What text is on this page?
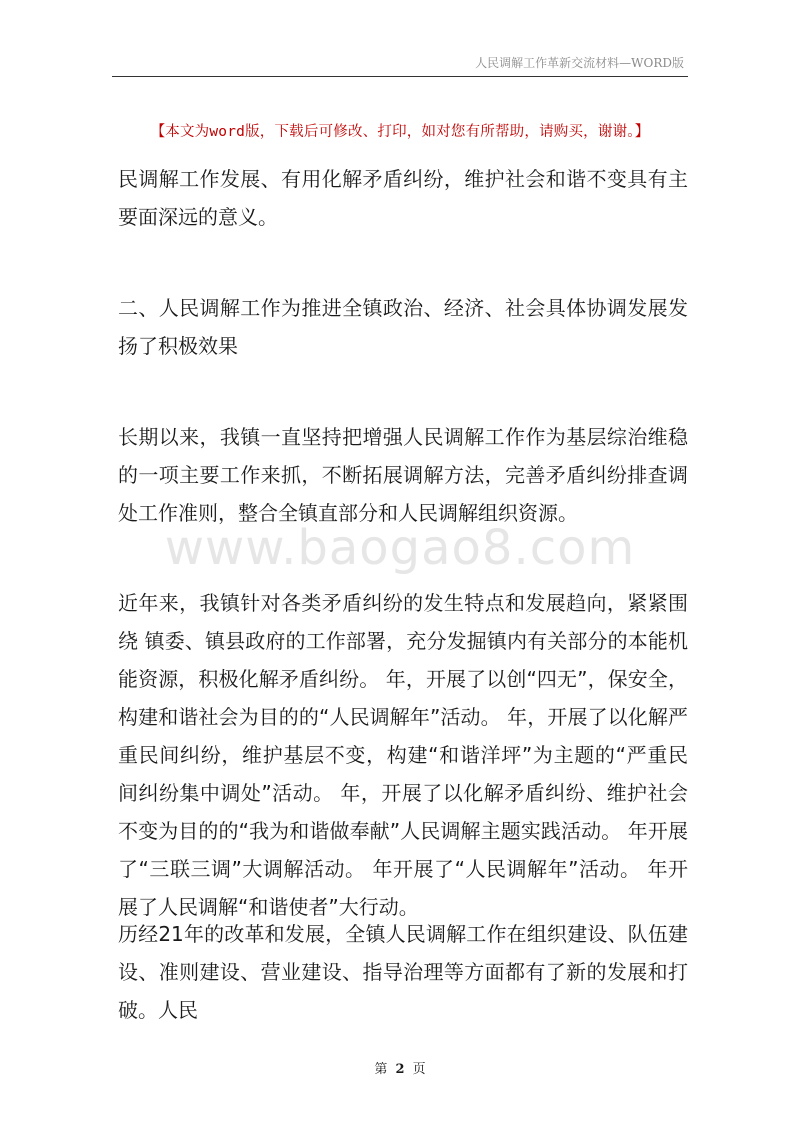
人民调解工作革新交流材料—WORD版
【本文为word版，下载后可修改、打印，如对您有所帮助，请购买，谢谢。】
www.baogao8.com

民调解工作发展、有用化解矛盾纠纷，维护社会和谐不变具有主要面深远的意义。

二、人民调解工作为推进全镇政治、经济、社会具体协调发展发扬了积极效果

长期以来，我镇一直坚持把增强人民调解工作作为基层综治维稳的一项主要工作来抓，不断拓展调解方法，完善矛盾纠纷排查调处工作准则，整合全镇直部分和人民调解组织资源。

近年来，我镇针对各类矛盾纠纷的发生特点和发展趋向，紧紧围绕 镇委、镇县政府的工作部署，充分发掘镇内有关部分的本能机能资源，积极化解矛盾纠纷。 年，开展了以创“四无”，保安全，构建和谐社会为目的的“人民调解年”活动。 年，开展了以化解严重民间纠纷，维护基层不变，构建“和谐洋坪”为主题的“严重民间纠纷集中调处”活动。 年，开展了以化解矛盾纠纷、维护社会不变为目的的“我为和谐做奉献”人民调解主题实践活动。 年开展了“三联三调”大调解活动。 年开展了“人民调解年”活动。 年开展了人民调解“和谐使者”大行动。

历经21年的改革和发展，全镇人民调解工作在组织建设、队伍建设、准则建设、营业建设、指导治理等方面都有了新的发展和打破。人民

第 2 页
